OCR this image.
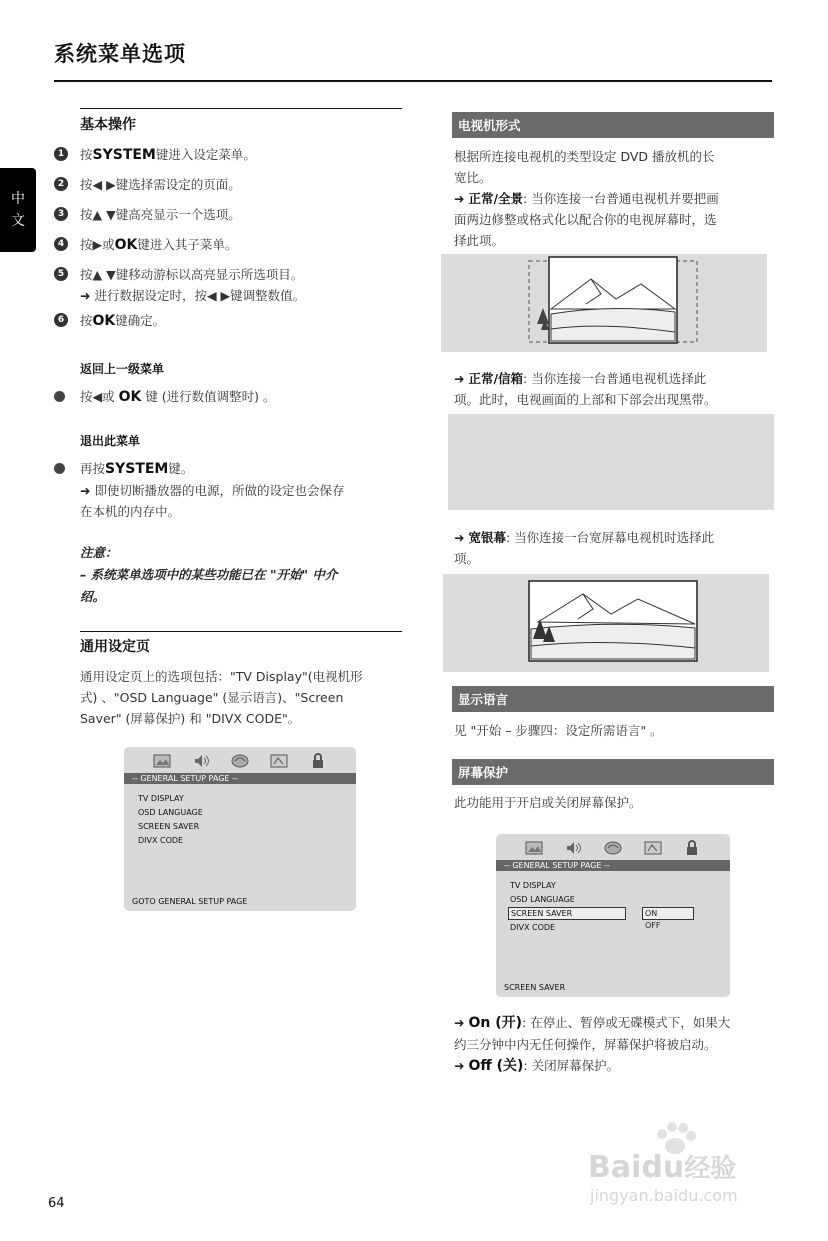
系统菜单选项
中
文
基本操作
1	按SYSTEM键进入设定菜单。
2	按◀ ▶键选择需设定的页面。
3	按▲ ▼键高亮显示一个选项。
4	按▶或OK键进入其子菜单。
5	按▲ ▼键移动游标以高亮显示所选项目。
➜ 进行数据设定时，按◀ ▶键调整数值。
6	按OK键确定。
返回上一级菜单
按◀或 OK 键 (进行数值调整时) 。
退出此菜单
再按SYSTEM键。
➜ 即使切断播放器的电源，所做的设定也会保存
在本机的内存中。
注意：
– 系统菜单选项中的某些功能已在 "开始" 中介
绍。
通用设定页
通用设定页上的选项包括："TV Display"(电视机形
式) 、"OSD Language" (显示语言)、"Screen
Saver" (屏幕保护) 和 "DIVX CODE"。
-- GENERAL SETUP PAGE --
TV DISPLAY
OSD LANGUAGE
SCREEN SAVER
DIVX CODE
GOTO GENERAL SETUP PAGE
电视机形式
根据所连接电视机的类型设定 DVD 播放机的长
宽比。
➜ 正常/全景: 当你连接一台普通电视机并要把画
面两边修整或格式化以配合你的电视屏幕时，选
择此项。
➜ 正常/信箱: 当你连接一台普通电视机选择此
项。此时，电视画面的上部和下部会出现黑带。
➜ 宽银幕: 当你连接一台宽屏幕电视机时选择此
项。
显示语言
见 "开始 – 步骤四：设定所需语言" 。
屏幕保护
此功能用于开启或关闭屏幕保护。
-- GENERAL SETUP PAGE --
TV DISPLAY
OSD LANGUAGE
SCREEN SAVER	ON
DIVX CODE	OFF
SCREEN SAVER
➜ On (开): 在停止、暂停或无碟模式下，如果大
约三分钟中内无任何操作，屏幕保护将被启动。
➜ Off (关): 关闭屏幕保护。
Baidu经验
jingyan.baidu.com
64
